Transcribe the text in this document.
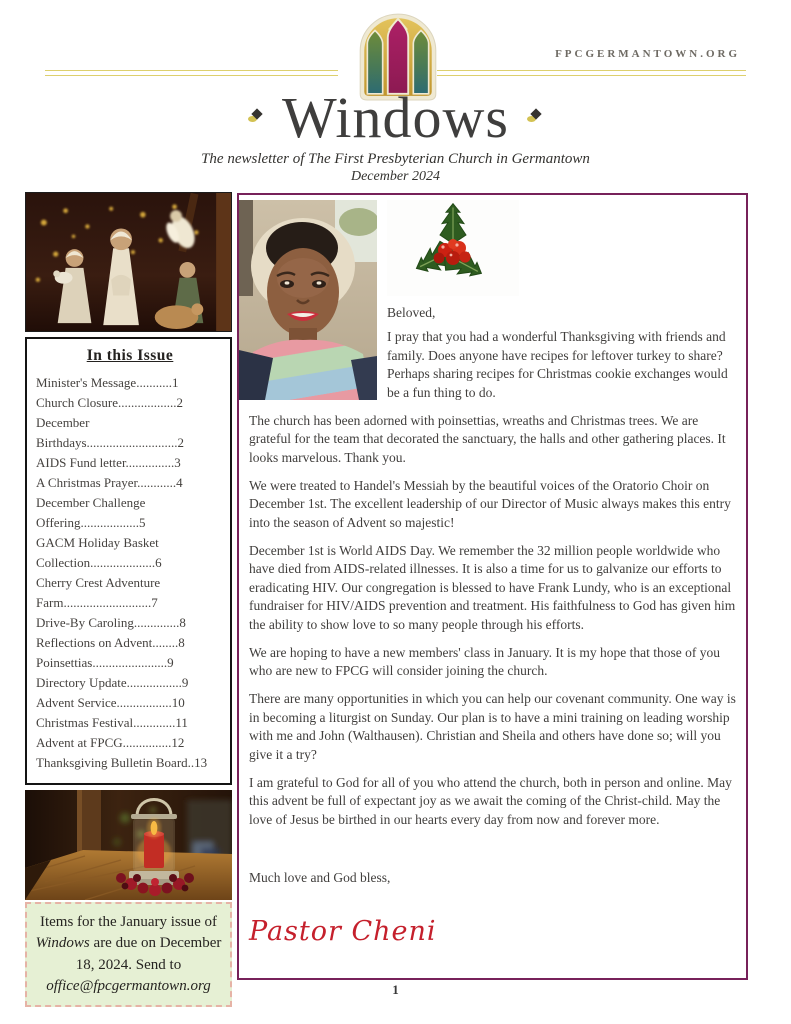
FPCGERMANTOWN.ORG
Windows
The newsletter of The First Presbyterian Church in Germantown
December 2024
In this Issue
Minister's Message...........1
Church Closure..................2
December Birthdays............................2
AIDS Fund letter...............3
A Christmas Prayer............4
December Challenge Offering..................5
GACM Holiday Basket Collection....................6
Cherry Crest Adventure Farm...........................7
Drive-By Caroling..............8
Reflections on Advent........8
Poinsettias.......................9
Directory Update.................9
Advent Service.................10
Christmas Festival.............11
Advent at FPCG...............12
Thanksgiving Bulletin Board..13
Items for the January issue of Windows are due on December 18, 2024. Send to office@fpcgermantown.org

Beloved,

I pray that you had a wonderful Thanksgiving with friends and family. Does anyone have recipes for leftover turkey to share? Perhaps sharing recipes for Christmas cookie exchanges would be a fun thing to do.

The church has been adorned with poinsettias, wreaths and Christmas trees. We are grateful for the team that decorated the sanctuary, the halls and other gathering places. It looks marvelous. Thank you.

We were treated to Handel's Messiah by the beautiful voices of the Oratorio Choir on December 1st. The excellent leadership of our Director of Music always makes this entry into the season of Advent so majestic!

December 1st is World AIDS Day. We remember the 32 million people worldwide who have died from AIDS-related illnesses. It is also a time for us to galvanize our efforts to eradicating HIV. Our congregation is blessed to have Frank Lundy, who is an exceptional fundraiser for HIV/AIDS prevention and treatment. His faithfulness to God has given him the ability to show love to so many people through his efforts.

We are hoping to have a new members' class in January. It is my hope that those of you who are new to FPCG will consider joining the church.

There are many opportunities in which you can help our covenant community. One way is in becoming a liturgist on Sunday. Our plan is to have a mini training on leading worship with me and John (Walthausen). Christian and Sheila and others have done so; will you give it a try?

I am grateful to God for all of you who attend the church, both in person and online. May this advent be full of expectant joy as we await the coming of the Christ-child. May the love of Jesus be birthed in our hearts every day from now and forever more.

Much love and God bless,

Pastor Cheni

1
